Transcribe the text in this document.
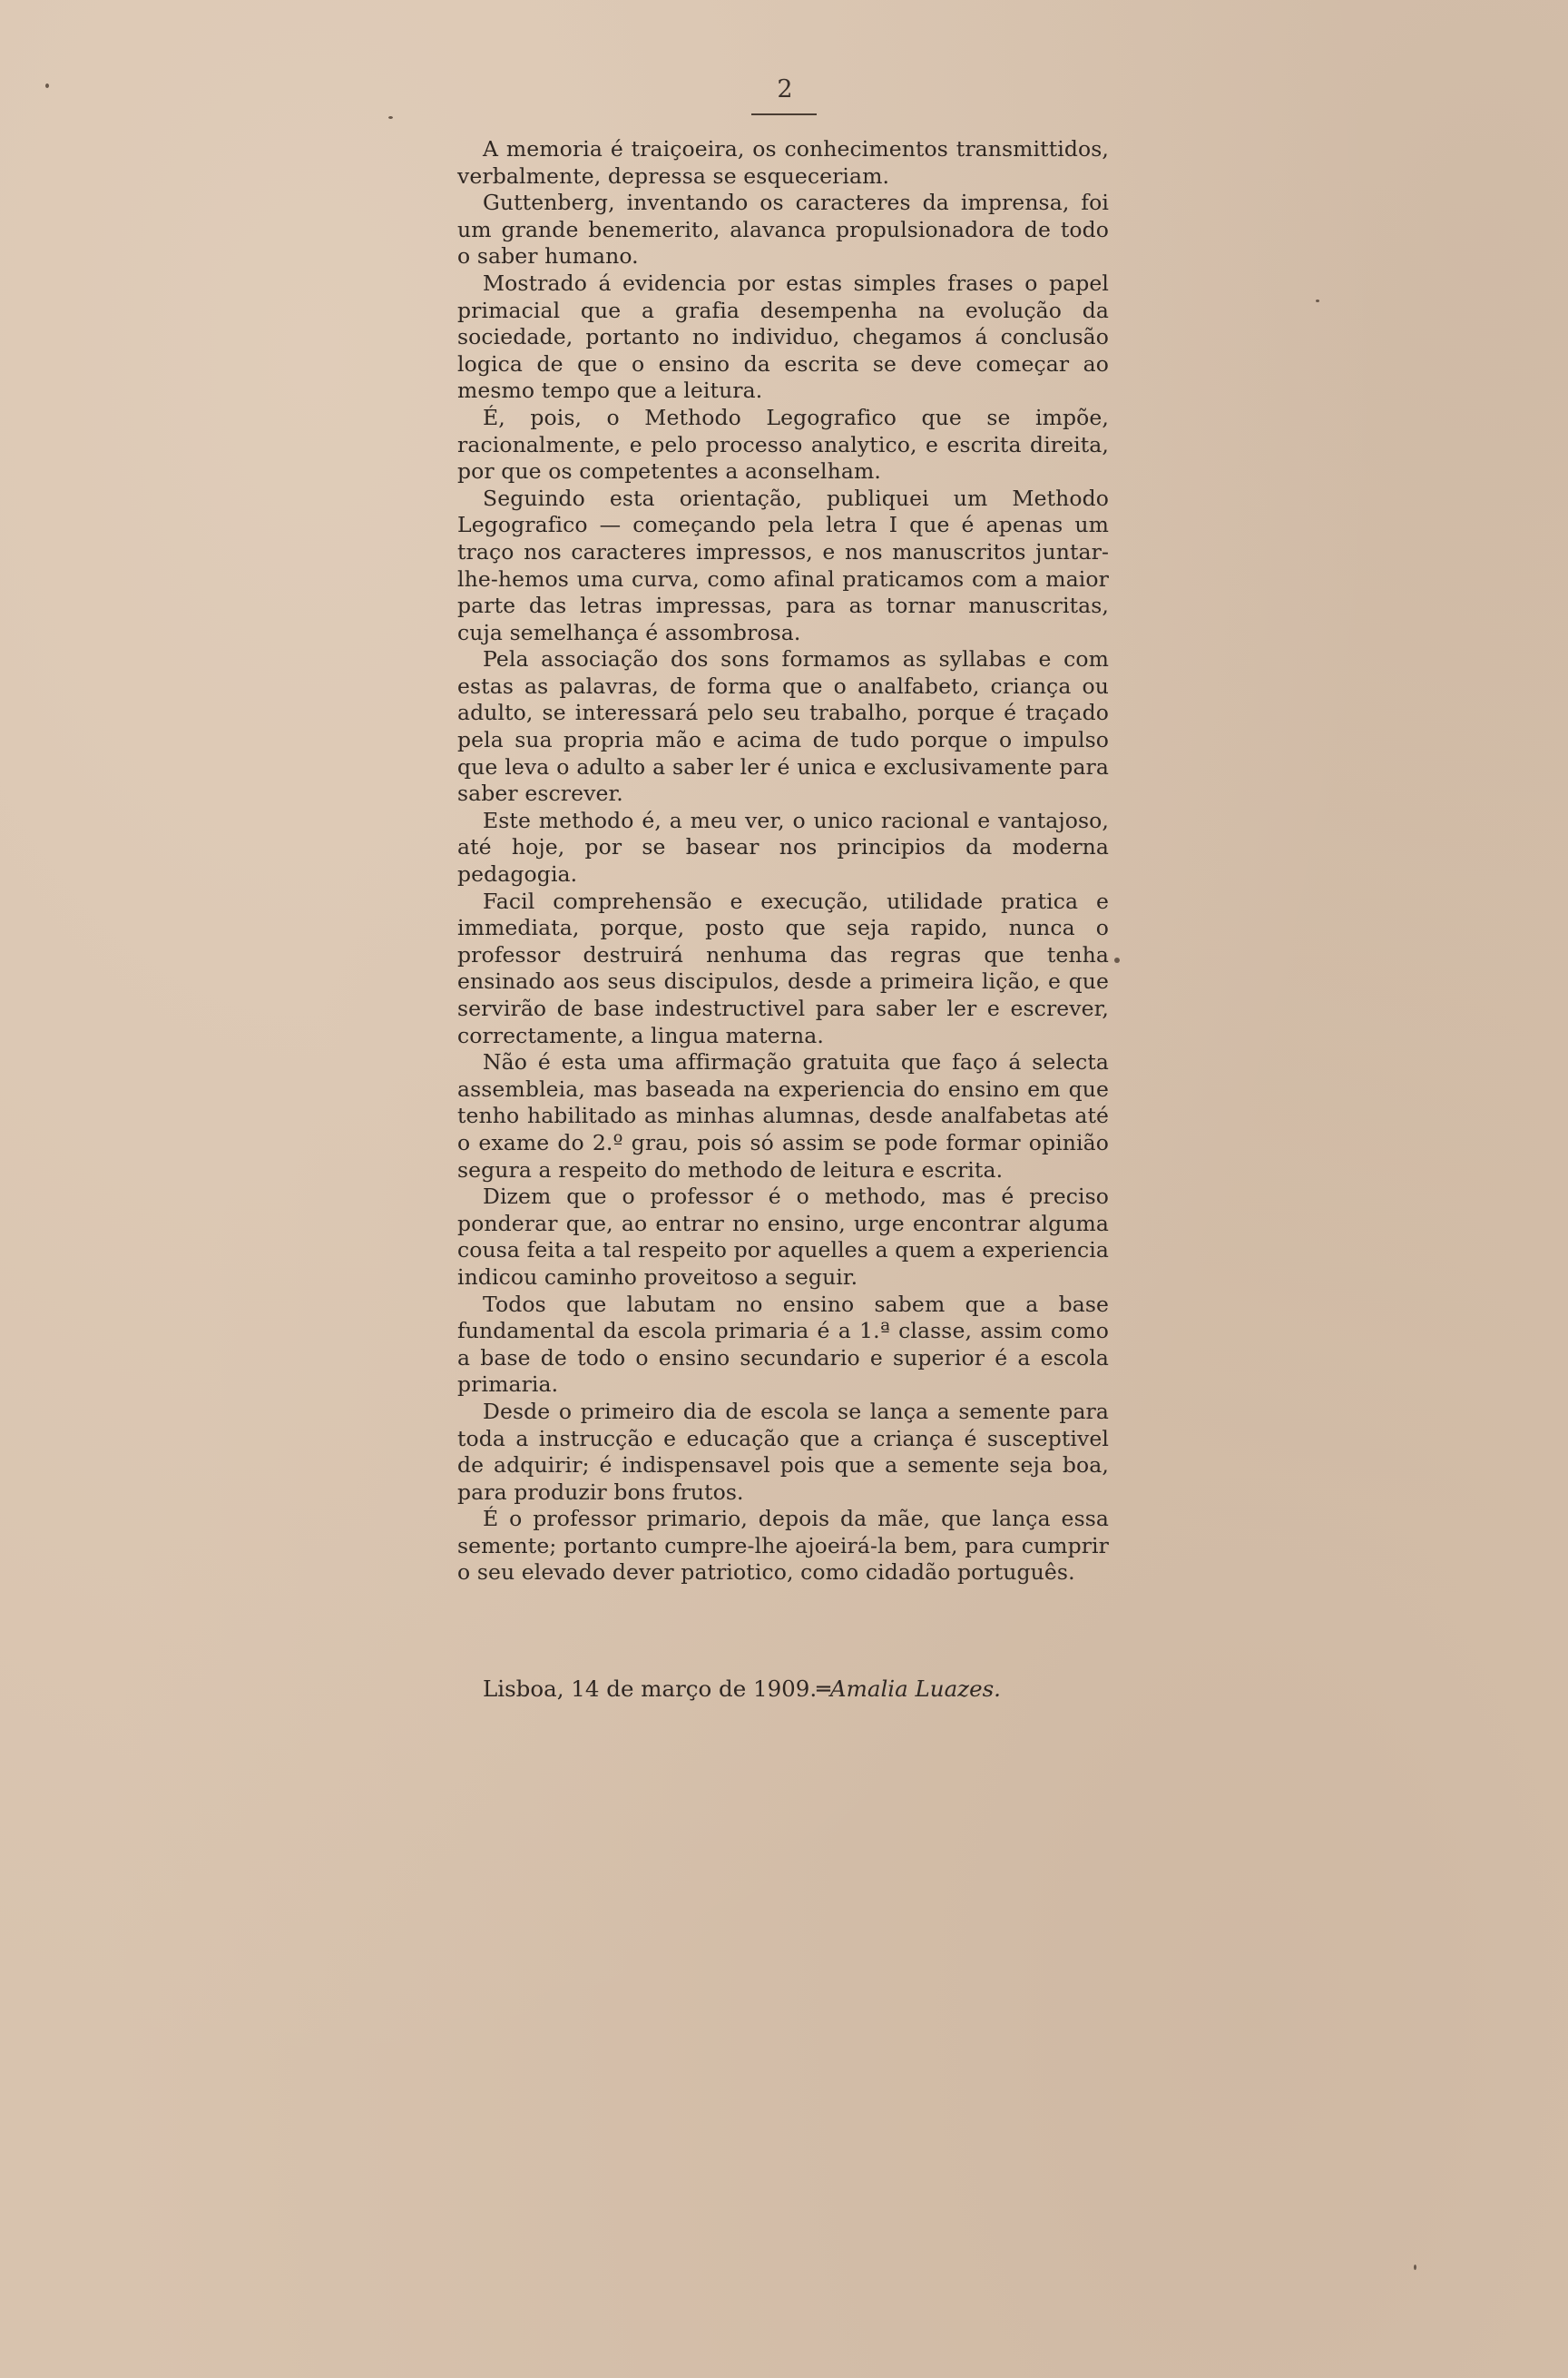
2

A memoria é traiçoeira, os conhecimentos transmittidos, verbalmente, depressa se esqueceriam.

Guttenberg, inventando os caracteres da imprensa, foi um grande benemerito, alavanca propulsionadora de todo o saber humano.

Mostrado á evidencia por estas simples frases o papel primacial que a grafia desempenha na evolução da sociedade, portanto no individuo, chegamos á conclusão logica de que o ensino da escrita se deve começar ao mesmo tempo que a leitura.

É, pois, o Methodo Legografico que se impõe, racionalmente, e pelo processo analytico, e escrita direita, por que os competentes a aconselham.

Seguindo esta orientação, publiquei um Methodo Legografico — começando pela letra I que é apenas um traço nos caracteres impressos, e nos manuscritos juntar-lhe-hemos uma curva, como afinal praticamos com a maior parte das letras impressas, para as tornar manuscritas, cuja semelhança é assombrosa.

Pela associação dos sons formamos as syllabas e com estas as palavras, de forma que o analfabeto, criança ou adulto, se interessará pelo seu trabalho, porque é traçado pela sua propria mão e acima de tudo porque o impulso que leva o adulto a saber ler é unica e exclusivamente para saber escrever.

Este methodo é, a meu ver, o unico racional e vantajoso, até hoje, por se basear nos principios da moderna pedagogia.

Facil comprehensão e execução, utilidade pratica e immediata, porque, posto que seja rapido, nunca o professor destruirá nenhuma das regras que tenha ensinado aos seus discipulos, desde a primeira lição, e que servirão de base indestructivel para saber ler e escrever, correctamente, a lingua materna.

Não é esta uma affirmação gratuita que faço á selecta assembleia, mas baseada na experiencia do ensino em que tenho habilitado as minhas alumnas, desde analfabetas até o exame do 2.º grau, pois só assim se pode formar opinião segura a respeito do methodo de leitura e escrita.

Dizem que o professor é o methodo, mas é preciso ponderar que, ao entrar no ensino, urge encontrar alguma cousa feita a tal respeito por aquelles a quem a experiencia indicou caminho proveitoso a seguir.

Todos que labutam no ensino sabem que a base fundamental da escola primaria é a 1.ª classe, assim como a base de todo o ensino secundario e superior é a escola primaria.

Desde o primeiro dia de escola se lança a semente para toda a instrucção e educação que a criança é susceptivel de adquirir; é indispensavel pois que a semente seja boa, para produzir bons frutos.

É o professor primario, depois da mãe, que lança essa semente; portanto cumpre-lhe ajoeirá-la bem, para cumprir o seu elevado dever patriotico, como cidadão português.

Lisboa, 14 de março de 1909.═Amalia Luazes.
